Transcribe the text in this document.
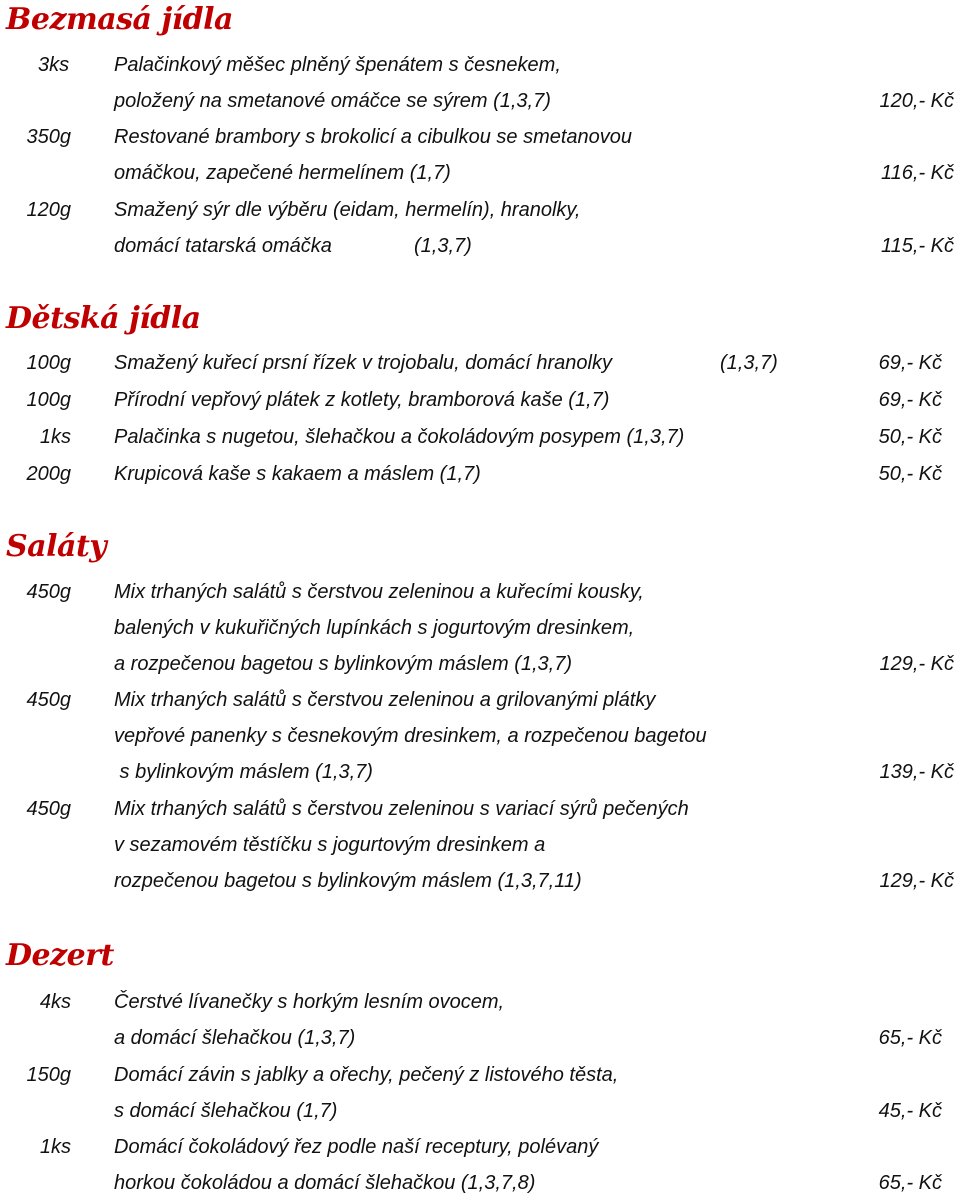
Bezmasá jídla
3ks Palačinkový měšec plněný špenátem s česnekem,
položený na smetanové omáčce se sýrem (1,3,7)	120,- Kč
350g Restované brambory s brokolicí a cibulkou se smetanovou
omáčkou, zapečené hermelínem (1,7)	116,- Kč
120g Smažený sýr dle výběru (eidam, hermelín), hranolky,
domácí tatarská omáčka	(1,3,7)	115,- Kč
Dětská jídla
100g Smažený kuřecí prsní řízek v trojobalu, domácí hranolky	(1,3,7)	69,- Kč
100g Přírodní vepřový plátek z kotlety, bramborová kaše (1,7)	69,- Kč
1ks Palačinka s nugetou, šlehačkou a čokoládovým posypem (1,3,7)	50,- Kč
200g Krupicová kaše s kakaem a máslem (1,7)	50,- Kč
Saláty
450g Mix trhaných salátů s čerstvou zeleninou a kuřecími kousky,
balených v kukuřičných lupínkách s jogurtovým dresinkem,
a rozpečenou bagetou s bylinkovým máslem (1,3,7)	129,- Kč
450g Mix trhaných salátů s čerstvou zeleninou a grilovanými plátky
vepřové panenky s česnekovým dresinkem, a rozpečenou bagetou
s bylinkovým máslem (1,3,7)	139,- Kč
450g Mix trhaných salátů s čerstvou zeleninou s variací sýrů pečených
v sezamovém těstíčku s jogurtovým dresinkem a
rozpečenou bagetou s bylinkovým máslem (1,3,7,11)	129,- Kč
Dezert
4ks Čerstvé lívanečky s horkým lesním ovocem,
a domácí šlehačkou (1,3,7)	65,- Kč
150g Domácí závin s jablky a ořechy, pečený z listového těsta,
s domácí šlehačkou (1,7)	45,- Kč
1ks Domácí čokoládový řez podle naší receptury, polévaný
horkou čokoládou a domácí šlehačkou (1,3,7,8)	65,- Kč
